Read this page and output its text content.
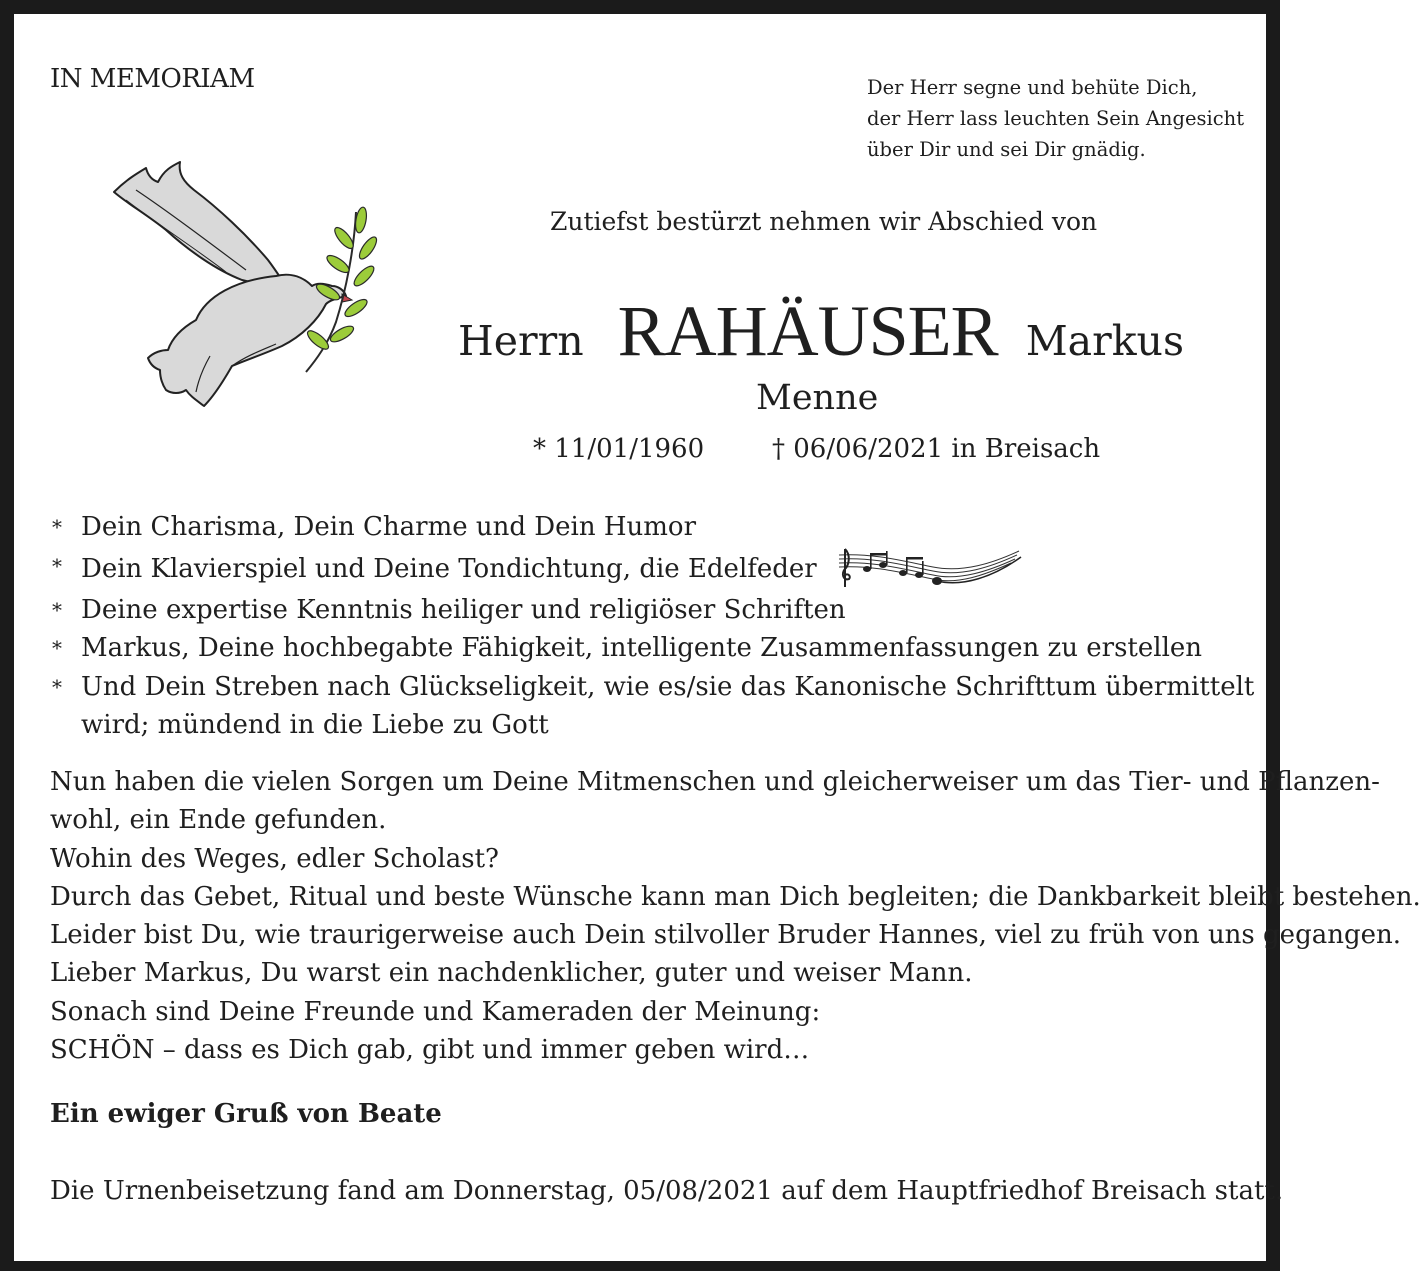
IN MEMORIAM	Der Herr segne und behüte Dich,
der Herr lass leuchten Sein Angesicht
über Dir und sei Dir gnädig.
Zutiefst bestürzt nehmen wir Abschied von
Herrn RAHÄUSER Markus
Menne
* 11/01/1960	† 06/06/2021 in Breisach
* Dein Charisma, Dein Charme und Dein Humor
* Dein Klavierspiel und Deine Tondichtung, die Edelfeder
* Deine expertise Kenntnis heiliger und religiöser Schriften
* Markus, Deine hochbegabte Fähigkeit, intelligente Zusammenfassungen zu erstellen
* Und Dein Streben nach Glückseligkeit, wie es/sie das Kanonische Schrifttum übermittelt
wird; mündend in die Liebe zu Gott
Nun haben die vielen Sorgen um Deine Mitmenschen und gleicherweiser um das Tier- und Pflanzen-
wohl, ein Ende gefunden.
Wohin des Weges, edler Scholast?
Durch das Gebet, Ritual und beste Wünsche kann man Dich begleiten; die Dankbarkeit bleibt bestehen.
Leider bist Du, wie traurigerweise auch Dein stilvoller Bruder Hannes, viel zu früh von uns gegangen.
Lieber Markus, Du warst ein nachdenklicher, guter und weiser Mann.
Sonach sind Deine Freunde und Kameraden der Meinung:
SCHÖN – dass es Dich gab, gibt und immer geben wird…
Ein ewiger Gruß von Beate
Die Urnenbeisetzung fand am Donnerstag, 05/08/2021 auf dem Hauptfriedhof Breisach statt.
